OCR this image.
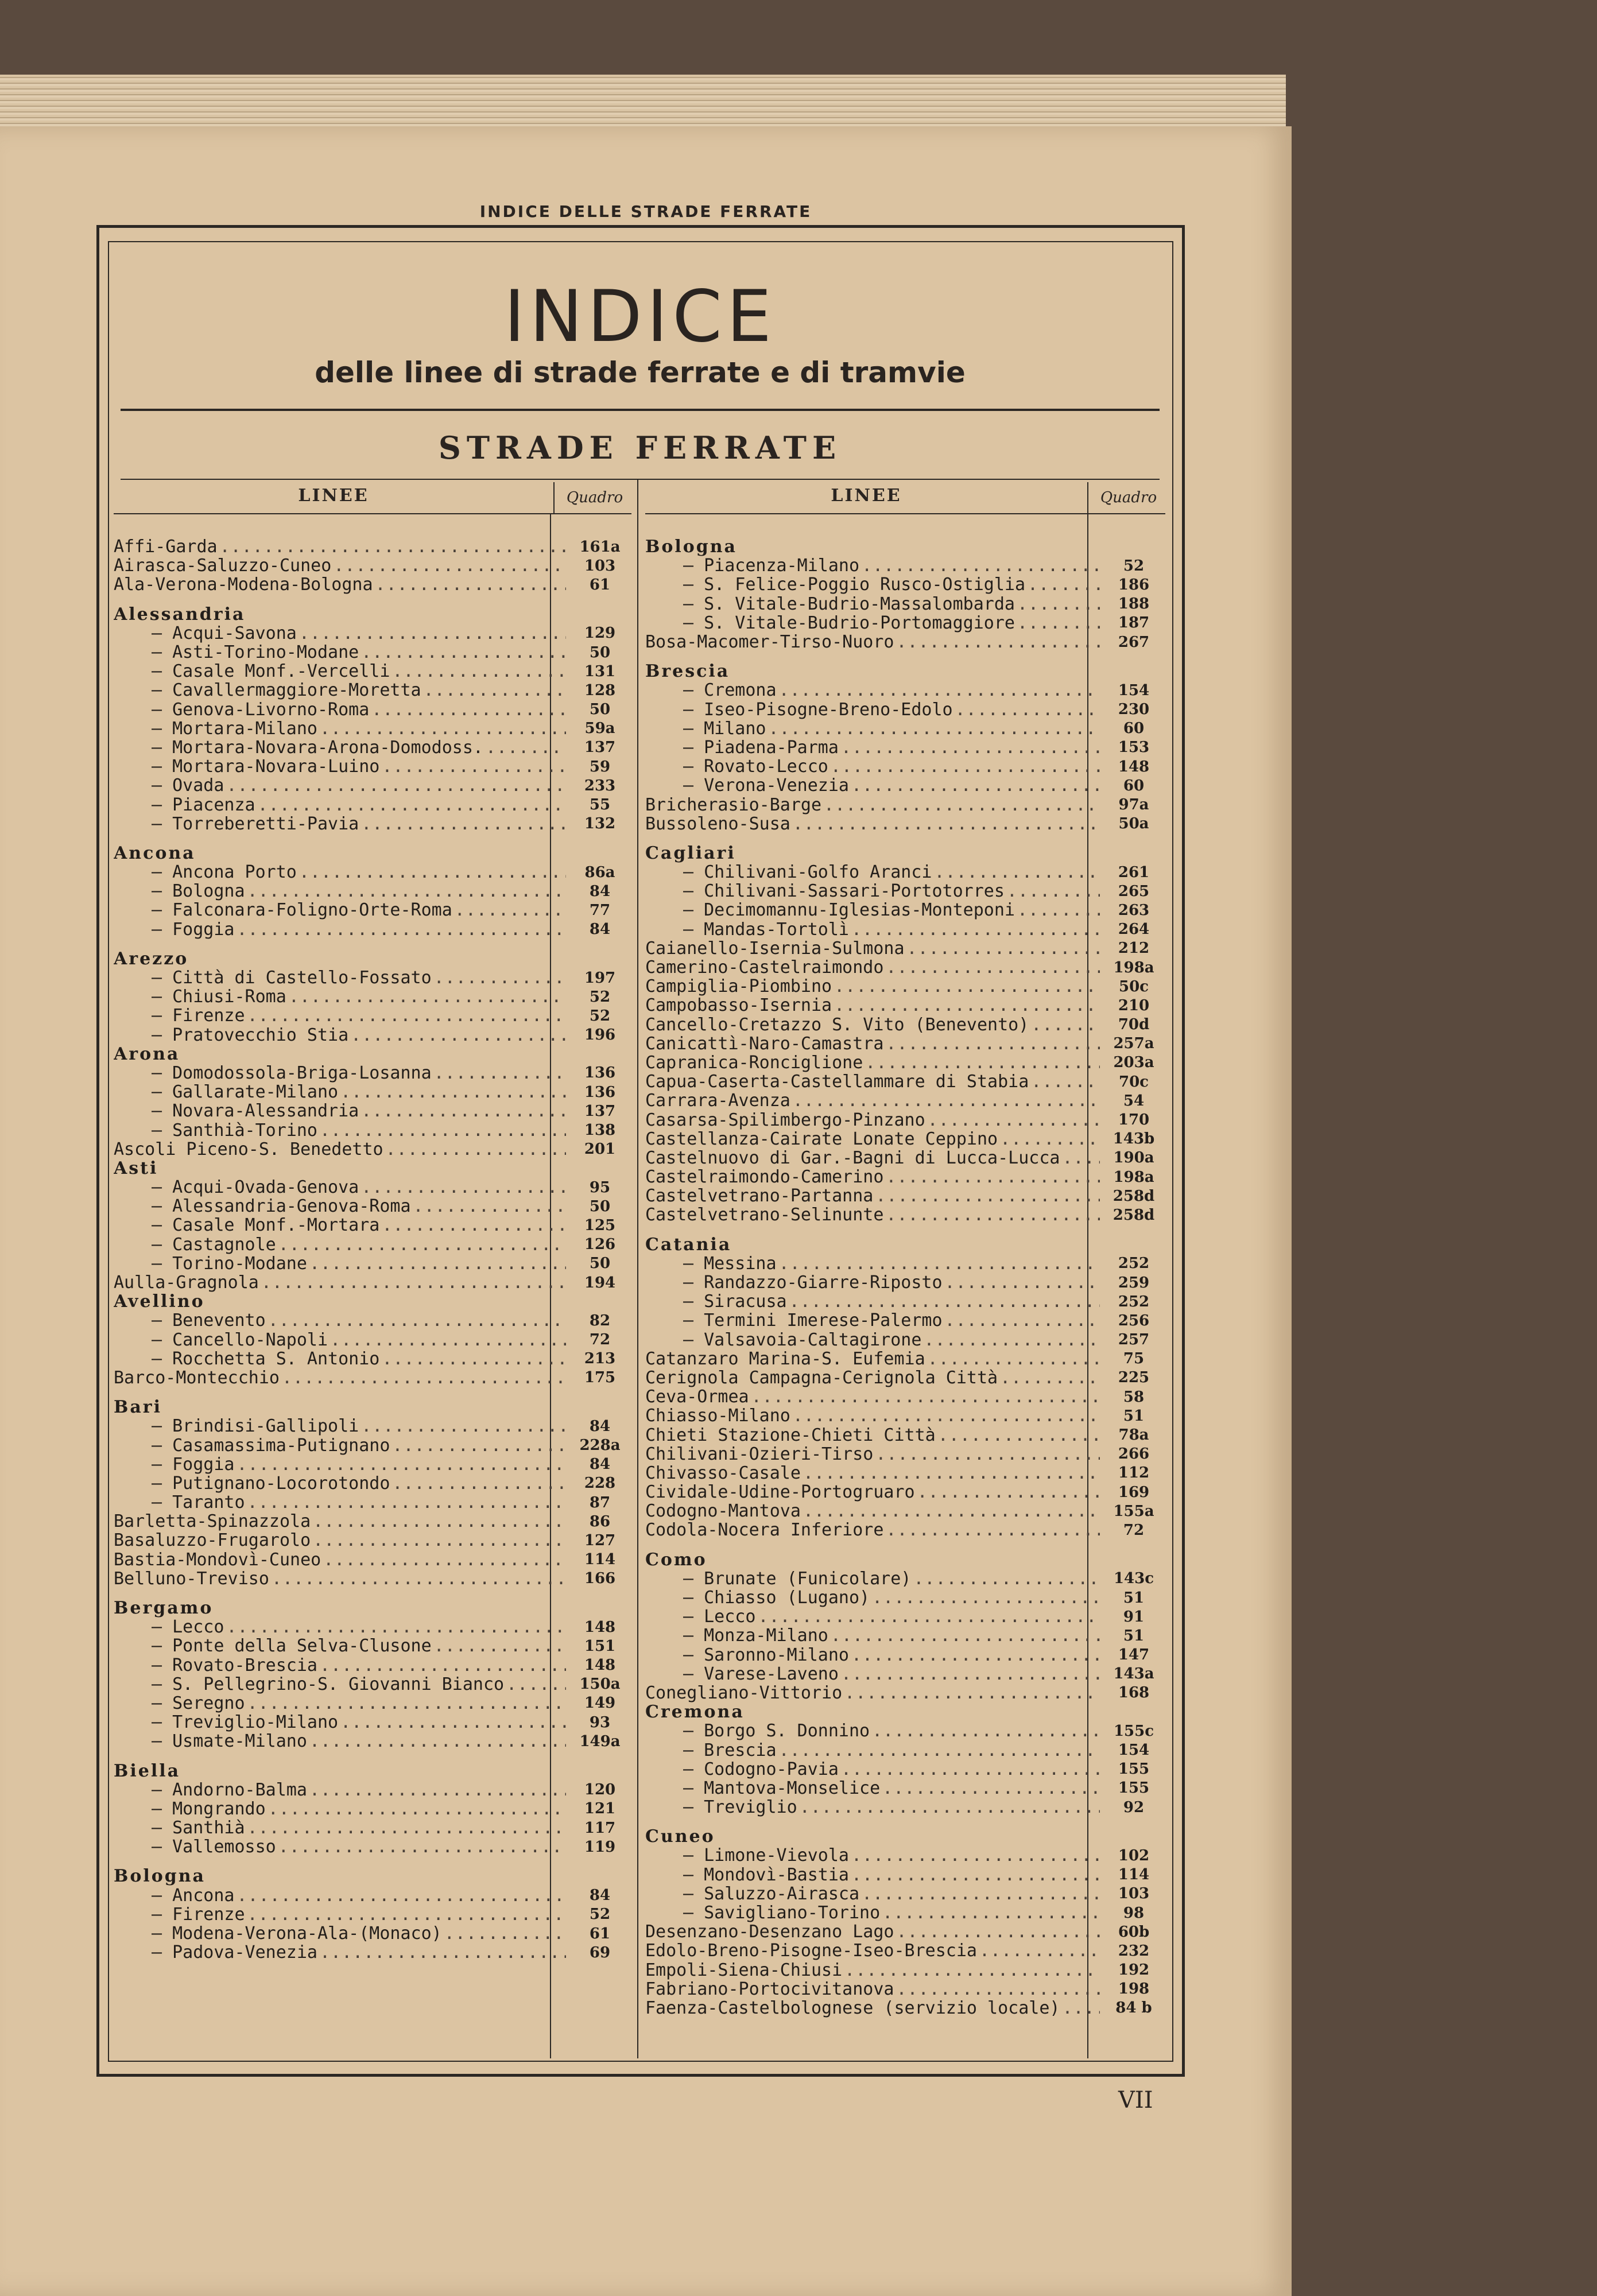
INDICE DELLE STRADE FERRATE
INDICE
delle linee di strade ferrate e di tramvie
STRADE FERRATE
LINEE	Quadro
Affi-Garda .....	161a
Airasca-Saluzzo-Cuneo .....	103
Ala-Verona-Modena-Bologna .....	61
Alessandria
— Acqui-Savona .....	129
— Asti-Torino-Modane .....	50
— Casale Monf.-Vercelli .....	131
— Cavallermaggiore-Moretta .....	128
— Genova-Livorno-Roma .....	50
— Mortara-Milano .....	59a
— Mortara-Novara-Arona-Domodoss. .....	137
— Mortara-Novara-Luino .....	59
— Ovada .....	233
— Piacenza .....	55
— Torreberetti-Pavia .....	132
Ancona
— Ancona Porto .....	86a
— Bologna .....	84
— Falconara-Foligno-Orte-Roma .....	77
— Foggia .....	84
Arezzo
— Città di Castello-Fossato .....	197
— Chiusi-Roma .....	52
— Firenze .....	52
— Pratovecchio Stia .....	196
Arona
— Domodossola-Briga-Losanna .....	136
— Gallarate-Milano .....	136
— Novara-Alessandria .....	137
— Santhià-Torino .....	138
Ascoli Piceno-S. Benedetto .....	201
Asti
— Acqui-Ovada-Genova .....	95
— Alessandria-Genova-Roma .....	50
— Casale Monf.-Mortara .....	125
— Castagnole .....	126
— Torino-Modane .....	50
Aulla-Gragnola .....	194
Avellino
— Benevento .....	82
— Cancello-Napoli .....	72
— Rocchetta S. Antonio .....	213
Barco-Montecchio .....	175
Bari
— Brindisi-Gallipoli .....	84
— Casamassima-Putignano .....	228a
— Foggia .....	84
— Putignano-Locorotondo .....	228
— Taranto .....	87
Barletta-Spinazzola .....	86
Basaluzzo-Frugarolo .....	127
Bastia-Mondovì-Cuneo .....	114
Belluno-Treviso .....	166
Bergamo
— Lecco .....	148
— Ponte della Selva-Clusone .....	151
— Rovato-Brescia .....	148
— S. Pellegrino-S. Giovanni Bianco .....	150a
— Seregno .....	149
— Treviglio-Milano .....	93
— Usmate-Milano .....	149a
Biella
— Andorno-Balma .....	120
— Mongrando .....	121
— Santhià .....	117
— Vallemosso .....	119
Bologna
— Ancona .....	84
— Firenze .....	52
— Modena-Verona-Ala-(Monaco) .....	61
— Padova-Venezia .....	69
LINEE	Quadro
Bologna
— Piacenza-Milano .....	52
— S. Felice-Poggio Rusco-Ostiglia .....	186
— S. Vitale-Budrio-Massalombarda .....	188
— S. Vitale-Budrio-Portomaggiore .....	187
Bosa-Macomer-Tirso-Nuoro .....	267
Brescia
— Cremona .....	154
— Iseo-Pisogne-Breno-Edolo .....	230
— Milano .....	60
— Piadena-Parma .....	153
— Rovato-Lecco .....	148
— Verona-Venezia .....	60
Bricherasio-Barge .....	97a
Bussoleno-Susa .....	50a
Cagliari
— Chilivani-Golfo Aranci .....	261
— Chilivani-Sassari-Portotorres .....	265
— Decimomannu-Iglesias-Monteponi .....	263
— Mandas-Tortolì .....	264
Caianello-Isernia-Sulmona .....	212
Camerino-Castelraimondo .....	198a
Campiglia-Piombino .....	50c
Campobasso-Isernia .....	210
Cancello-Cretazzo S. Vito (Benevento) .....	70d
Canicattì-Naro-Camastra .....	257a
Capranica-Ronciglione .....	203a
Capua-Caserta-Castellammare di Stabia .....	70c
Carrara-Avenza .....	54
Casarsa-Spilimbergo-Pinzano .....	170
Castellanza-Cairate Lonate Ceppino .....	143b
Castelnuovo di Gar.-Bagni di Lucca-Lucca .....	190a
Castelraimondo-Camerino .....	198a
Castelvetrano-Partanna .....	258d
Castelvetrano-Selinunte .....	258d
Catania
— Messina .....	252
— Randazzo-Giarre-Riposto .....	259
— Siracusa .....	252
— Termini Imerese-Palermo .....	256
— Valsavoia-Caltagirone .....	257
Catanzaro Marina-S. Eufemia .....	75
Cerignola Campagna-Cerignola Città .....	225
Ceva-Ormea .....	58
Chiasso-Milano .....	51
Chieti Stazione-Chieti Città .....	78a
Chilivani-Ozieri-Tirso .....	266
Chivasso-Casale .....	112
Cividale-Udine-Portogruaro .....	169
Codogno-Mantova .....	155a
Codola-Nocera Inferiore .....	72
Como
— Brunate (Funicolare) .....	143c
— Chiasso (Lugano) .....	51
— Lecco .....	91
— Monza-Milano .....	51
— Saronno-Milano .....	147
— Varese-Laveno .....	143a
Conegliano-Vittorio .....	168
Cremona
— Borgo S. Donnino .....	155c
— Brescia .....	154
— Codogno-Pavia .....	155
— Mantova-Monselice .....	155
— Treviglio .....	92
Cuneo
— Limone-Vievola .....	102
— Mondovì-Bastia .....	114
— Saluzzo-Airasca .....	103
— Savigliano-Torino .....	98
Desenzano-Desenzano Lago .....	60b
Edolo-Breno-Pisogne-Iseo-Brescia .....	232
Empoli-Siena-Chiusi .....	192
Fabriano-Portocivitanova .....	198
Faenza-Castelbolognese (servizio locale) .....	84 b
VII
